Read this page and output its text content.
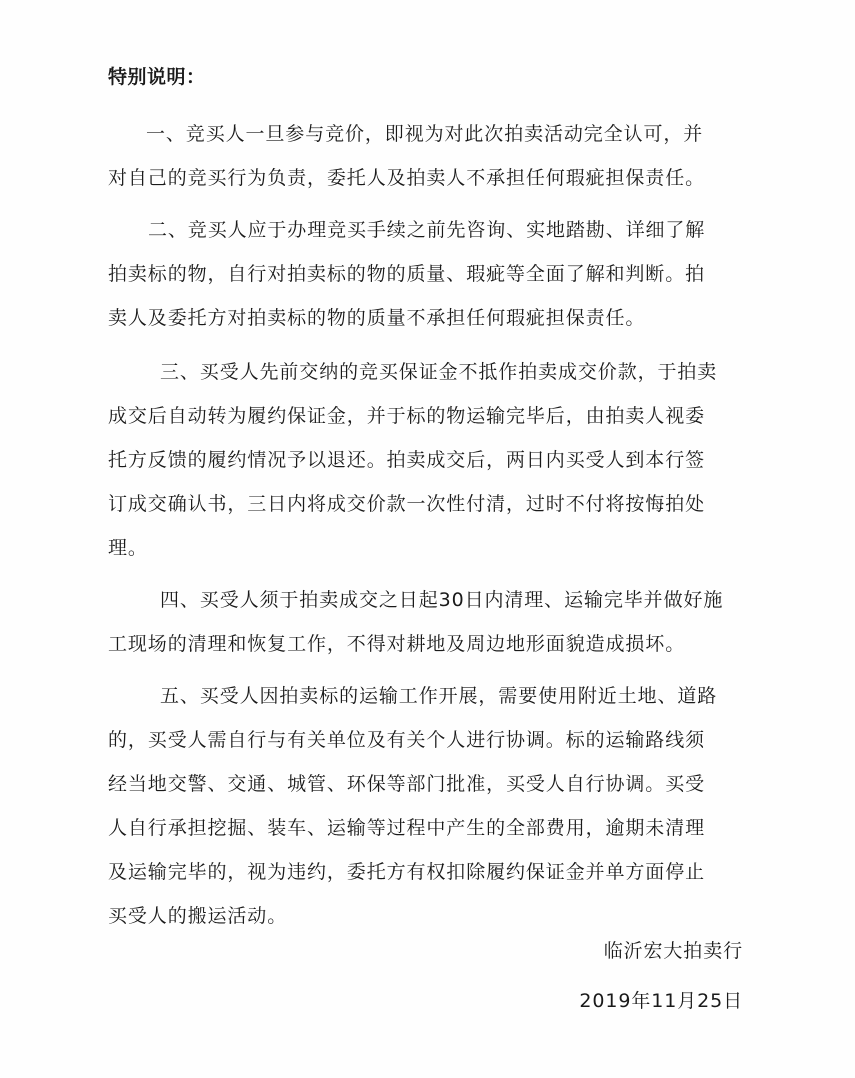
特别说明：
一、竞买人一旦参与竞价，即视为对此次拍卖活动完全认可，并
对自己的竞买行为负责，委托人及拍卖人不承担任何瑕疵担保责任。
二、竞买人应于办理竞买手续之前先咨询、实地踏勘、详细了解
拍卖标的物，自行对拍卖标的物的质量、瑕疵等全面了解和判断。拍
卖人及委托方对拍卖标的物的质量不承担任何瑕疵担保责任。
三、买受人先前交纳的竞买保证金不抵作拍卖成交价款，于拍卖
成交后自动转为履约保证金，并于标的物运输完毕后，由拍卖人视委
托方反馈的履约情况予以退还。拍卖成交后，两日内买受人到本行签
订成交确认书，三日内将成交价款一次性付清，过时不付将按悔拍处
理。
四、买受人须于拍卖成交之日起30日内清理、运输完毕并做好施
工现场的清理和恢复工作，不得对耕地及周边地形面貌造成损坏。
五、买受人因拍卖标的运输工作开展，需要使用附近土地、道路
的，买受人需自行与有关单位及有关个人进行协调。标的运输路线须
经当地交警、交通、城管、环保等部门批准，买受人自行协调。买受
人自行承担挖掘、装车、运输等过程中产生的全部费用，逾期未清理
及运输完毕的，视为违约，委托方有权扣除履约保证金并单方面停止
买受人的搬运活动。
临沂宏大拍卖行
2019年11月25日
